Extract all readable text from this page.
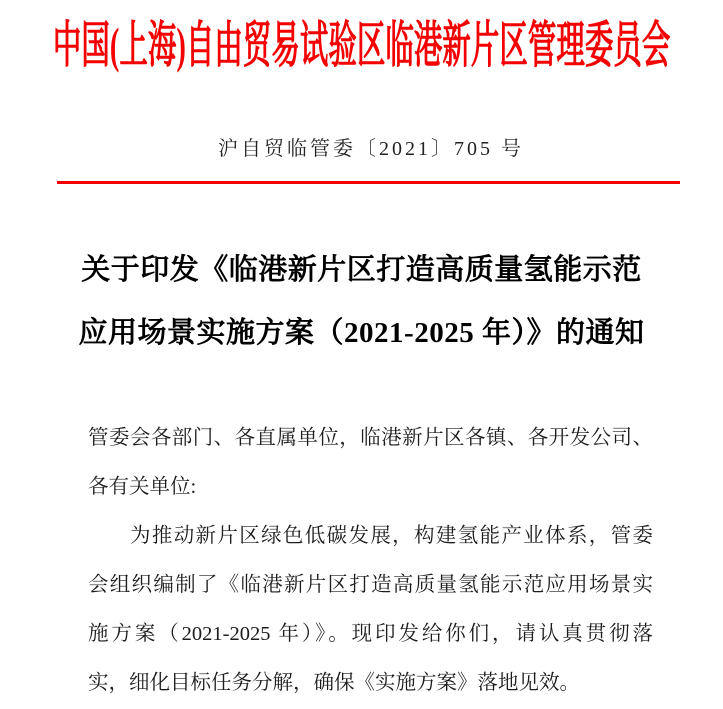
中国(上海)自由贸易试验区临港新片区管理委员会
沪自贸临管委〔2021〕705 号
关于印发《临港新片区打造高质量氢能示范
应用场景实施方案（2021-2025 年）》的通知
管委会各部门、各直属单位，临港新片区各镇、各开发公司、
各有关单位:
为推动新片区绿色低碳发展，构建氢能产业体系，管委
会组织编制了《临港新片区打造高质量氢能示范应用场景实
施方案（2021-2025 年）》。现印发给你们，请认真贯彻落
实，细化目标任务分解，确保《实施方案》落地见效。
